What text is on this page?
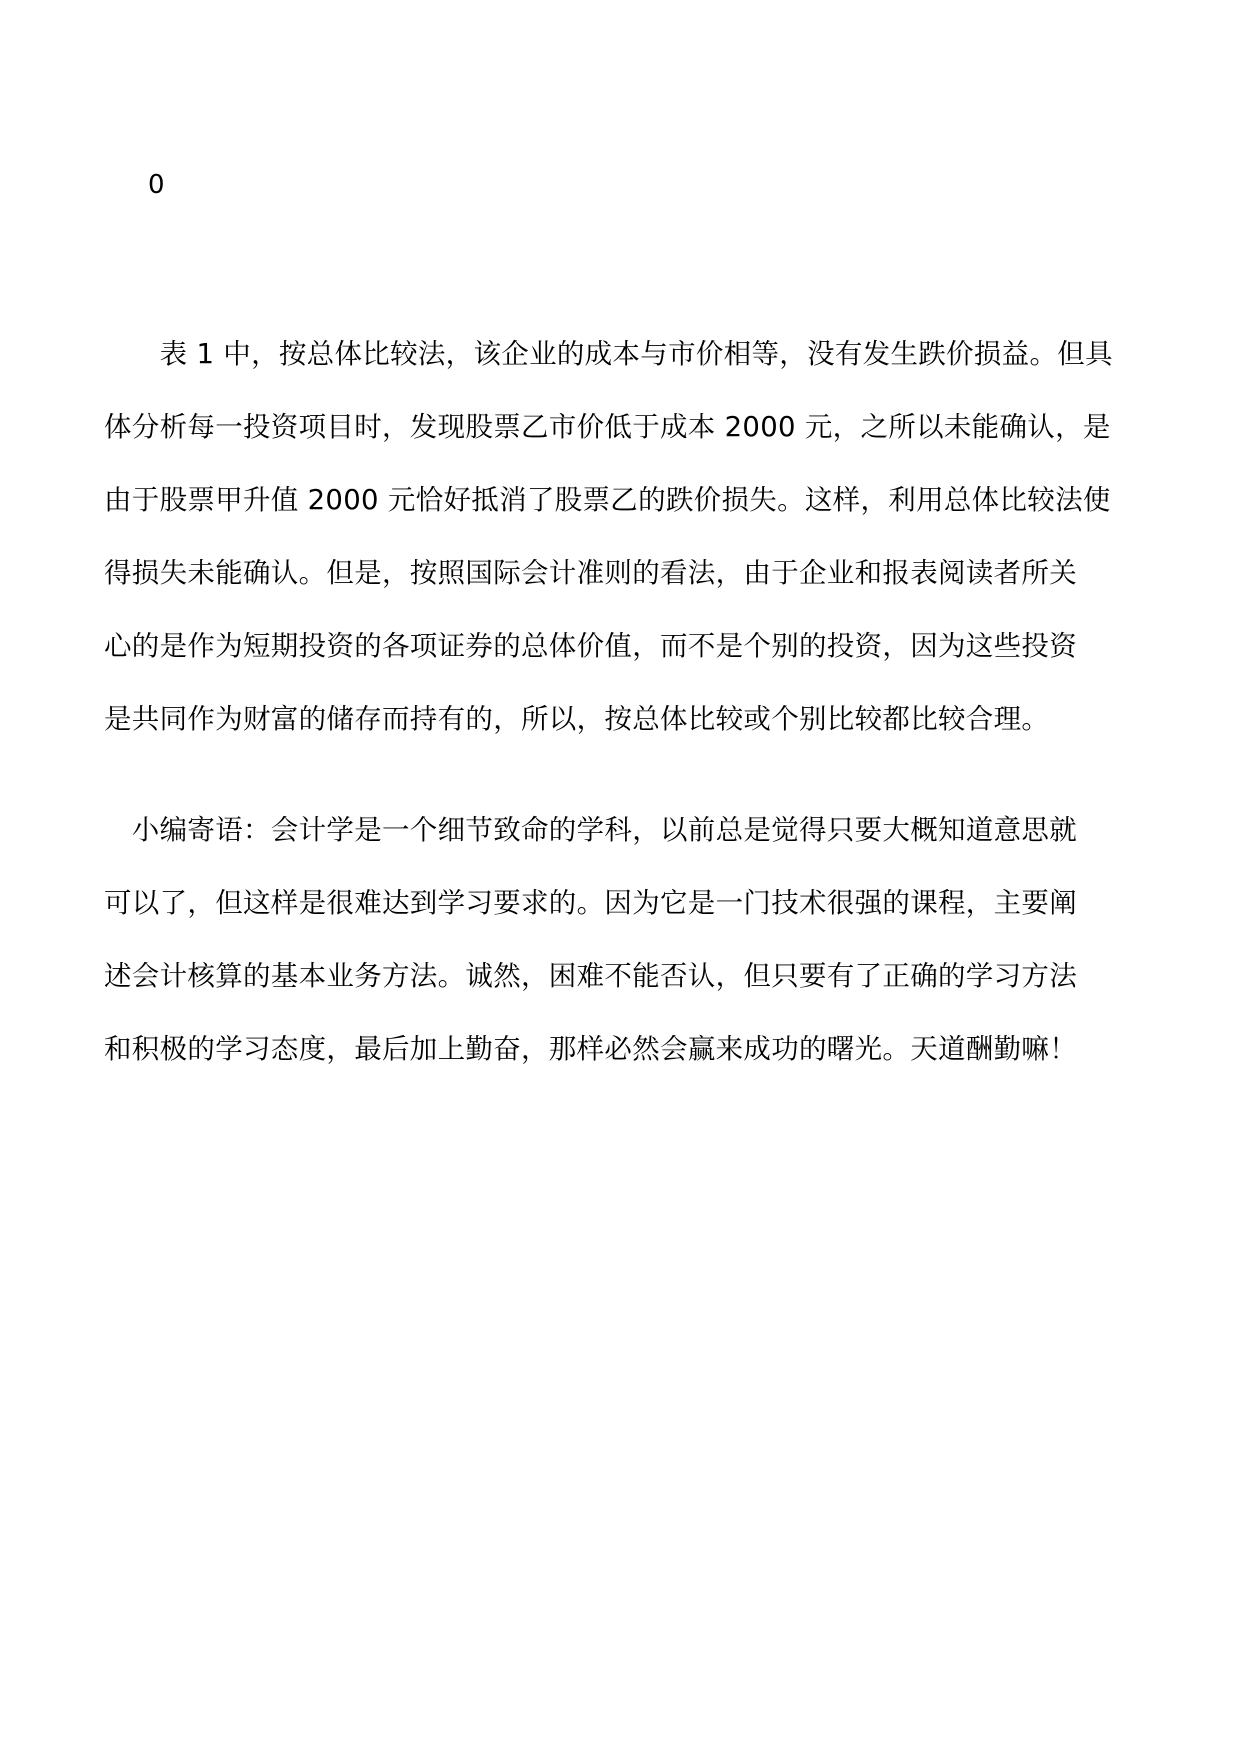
0

　　表 1 中，按总体比较法，该企业的成本与市价相等，没有发生跌价损益。但具
体分析每一投资项目时，发现股票乙市价低于成本 2000 元，之所以未能确认，是
由于股票甲升值 2000 元恰好抵消了股票乙的跌价损失。这样，利用总体比较法使
得损失未能确认。但是，按照国际会计准则的看法，由于企业和报表阅读者所关
心的是作为短期投资的各项证券的总体价值，而不是个别的投资，因为这些投资
是共同作为财富的储存而持有的，所以，按总体比较或个别比较都比较合理。

　小编寄语：会计学是一个细节致命的学科，以前总是觉得只要大概知道意思就
可以了，但这样是很难达到学习要求的。因为它是一门技术很强的课程，主要阐
述会计核算的基本业务方法。诚然，困难不能否认，但只要有了正确的学习方法
和积极的学习态度，最后加上勤奋，那样必然会赢来成功的曙光。天道酬勤嘛！
